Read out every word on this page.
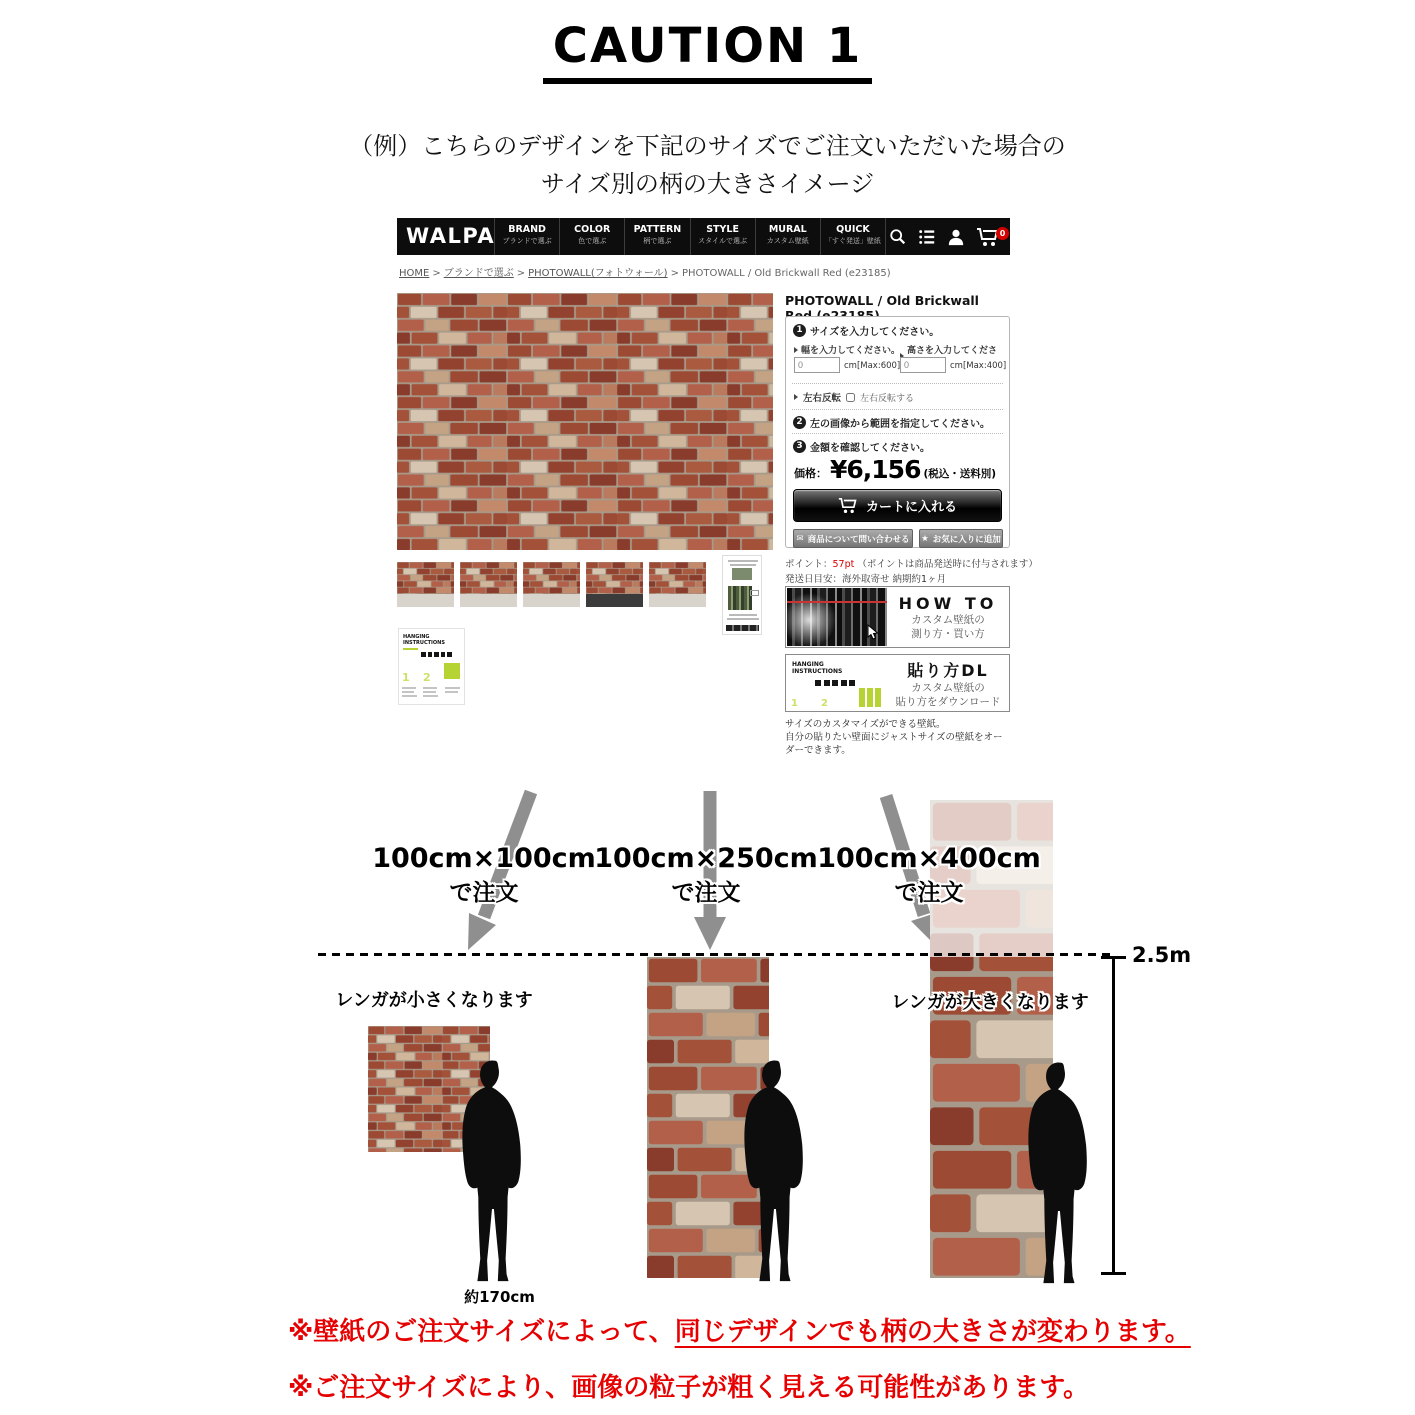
CAUTION 1
（例）こちらのデザインを下記のサイズでご注文いただいた場合の
サイズ別の柄の大きさイメージ
WALPA	BRAND
ブランドで選ぶ
COLOR
色で選ぶ
PATTERN
柄で選ぶ
STYLE
スタイルで選ぶ
MURAL
カスタム壁紙
QUICK
「すぐ発送」壁紙
0
HOME > ブランドで選ぶ > PHOTOWALL(フォトウォール) > PHOTOWALL / Old Brickwall Red (e23185)
HANGING INSTRUCTIONS
1 2
PHOTOWALL / Old Brickwall
1 サイズを入力してください。
幅を入力してください。 高さを入力してくださ
0
cm[Max:600]
0	cm[Max:400]
左右反転 左右反転する
2 左の画像から範囲を指定してください。
3 金額を確認してください。
価格： ¥6,156 (税込・送料別)
カートに入れる
✉ 商品について問い合わせる ★ お気に入りに追加
ポイント：57pt （ポイントは商品発送時に付与されます）
発送日目安：海外取寄せ 納期約1ヶ月
HOW TO
カスタム壁紙の
測り方・買い方
HANGING INSTRUCTIONS
1 2
貼り方DL
カスタム壁紙の
貼り方をダウンロード
サイズのカスタマイズができる壁紙。
自分の貼りたい壁面にジャストサイズの壁紙をオーダーできます。
100cm×100cm
で注文
100cm×250cm
で注文
100cm×400cm
で注文
レンガが小さくなります	レンガが大きくなります
約170cm
2.5m
※壁紙のご注文サイズによって、同じデザインでも柄の大きさが変わります。
※ご注文サイズにより、画像の粒子が粗く見える可能性があります。
